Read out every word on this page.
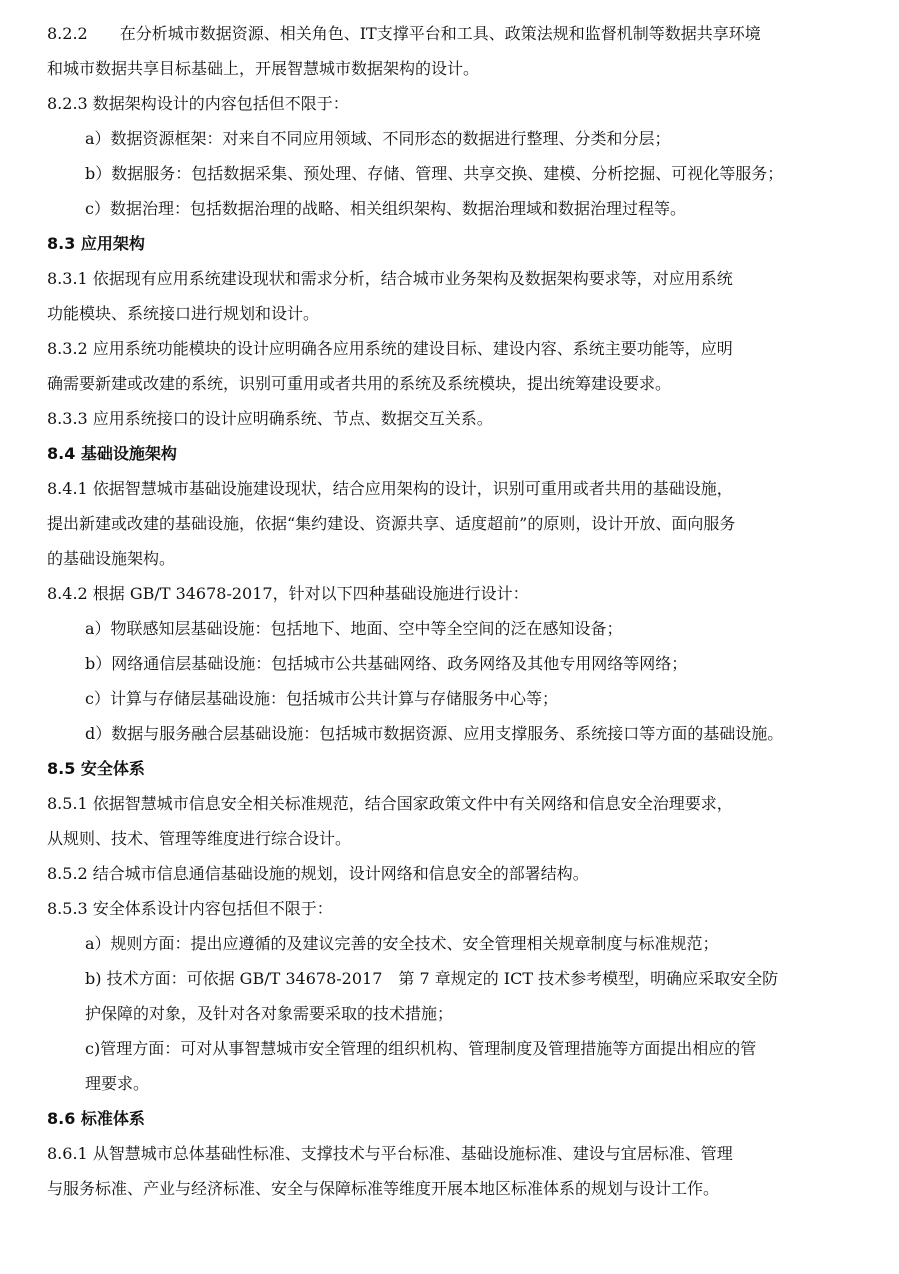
8.2.2　　在分析城市数据资源、相关角色、IT支撑平台和工具、政策法规和监督机制等数据共享环境
和城市数据共享目标基础上，开展智慧城市数据架构的设计。
8.2.3 数据架构设计的内容包括但不限于：
a）数据资源框架：对来自不同应用领域、不同形态的数据进行整理、分类和分层；
b）数据服务：包括数据采集、预处理、存储、管理、共享交换、建模、分析挖掘、可视化等服务；
c）数据治理：包括数据治理的战略、相关组织架构、数据治理域和数据治理过程等。
8.3 应用架构
8.3.1 依据现有应用系统建设现状和需求分析，结合城市业务架构及数据架构要求等，对应用系统
功能模块、系统接口进行规划和设计。
8.3.2 应用系统功能模块的设计应明确各应用系统的建设目标、建设内容、系统主要功能等，应明
确需要新建或改建的系统，识别可重用或者共用的系统及系统模块，提出统筹建设要求。
8.3.3 应用系统接口的设计应明确系统、节点、数据交互关系。
8.4 基础设施架构
8.4.1 依据智慧城市基础设施建设现状，结合应用架构的设计，识别可重用或者共用的基础设施，
提出新建或改建的基础设施，依据“集约建设、资源共享、适度超前”的原则，设计开放、面向服务
的基础设施架构。
8.4.2 根据 GB/T 34678-2017，针对以下四种基础设施进行设计：
a）物联感知层基础设施：包括地下、地面、空中等全空间的泛在感知设备；
b）网络通信层基础设施：包括城市公共基础网络、政务网络及其他专用网络等网络；
c）计算与存储层基础设施：包括城市公共计算与存储服务中心等；
d）数据与服务融合层基础设施：包括城市数据资源、应用支撑服务、系统接口等方面的基础设施。
8.5 安全体系
8.5.1 依据智慧城市信息安全相关标准规范，结合国家政策文件中有关网络和信息安全治理要求，
从规则、技术、管理等维度进行综合设计。
8.5.2 结合城市信息通信基础设施的规划，设计网络和信息安全的部署结构。
8.5.3 安全体系设计内容包括但不限于：
a）规则方面：提出应遵循的及建议完善的安全技术、安全管理相关规章制度与标准规范；
b) 技术方面：可依据 GB/T 34678-2017　第 7 章规定的 ICT 技术参考模型，明确应采取安全防
护保障的对象，及针对各对象需要采取的技术措施；
c)管理方面：可对从事智慧城市安全管理的组织机构、管理制度及管理措施等方面提出相应的管
理要求。
8.6 标准体系
8.6.1 从智慧城市总体基础性标准、支撑技术与平台标准、基础设施标准、建设与宜居标准、管理
与服务标准、产业与经济标准、安全与保障标准等维度开展本地区标准体系的规划与设计工作。
